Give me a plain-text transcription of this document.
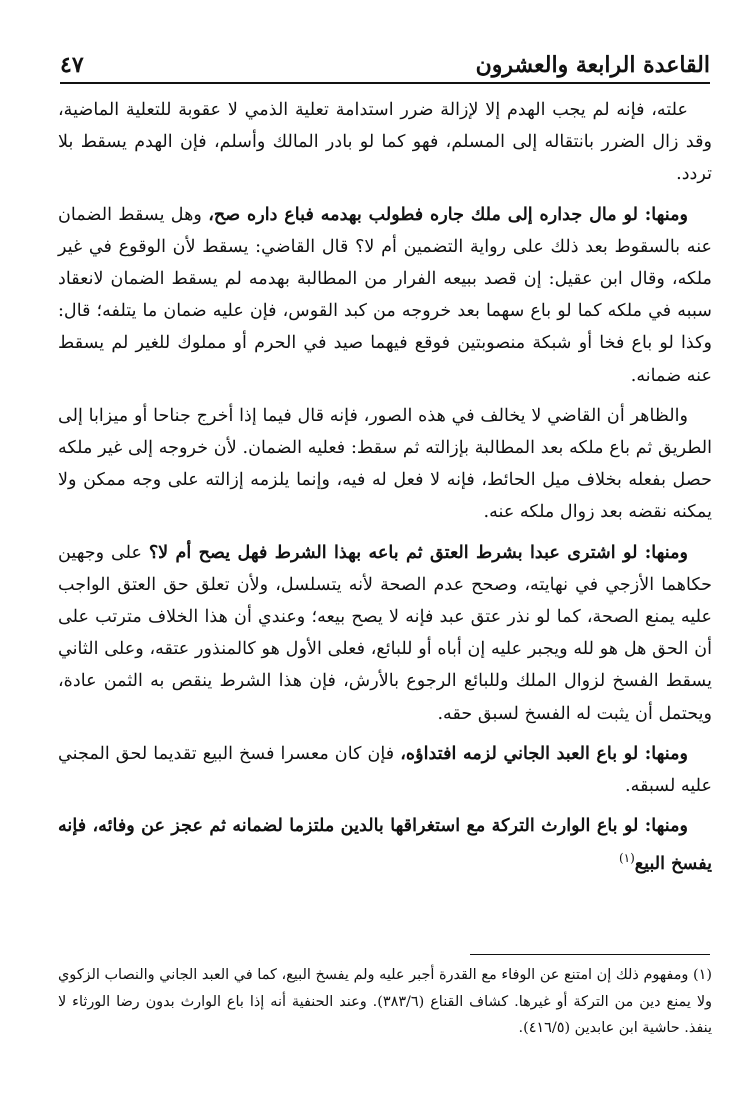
القاعدة الرابعة والعشرون
٤٧

علته، فإنه لم يجب الهدم إلا لإزالة ضرر استدامة تعلية الذمي لا عقوبة للتعلية الماضية، وقد زال الضرر بانتقاله إلى المسلم، فهو كما لو بادر المالك وأسلم، فإن الهدم يسقط بلا تردد.

ومنها: لو مال جداره إلى ملك جاره فطولب بهدمه فباع داره صح، وهل يسقط الضمان عنه بالسقوط بعد ذلك على رواية التضمين أم لا؟ قال القاضي: يسقط لأن الوقوع في غير ملكه، وقال ابن عقيل: إن قصد ببيعه الفرار من المطالبة بهدمه لم يسقط الضمان لانعقاد سببه في ملكه كما لو باع سهما بعد خروجه من كبد القوس، فإن عليه ضمان ما يتلفه؛ قال: وكذا لو باع فخا أو شبكة منصوبتين فوقع فيهما صيد في الحرم أو مملوك للغير لم يسقط عنه ضمانه.

والظاهر أن القاضي لا يخالف في هذه الصور، فإنه قال فيما إذا أخرج جناحا أو ميزابا إلى الطريق ثم باع ملكه بعد المطالبة بإزالته ثم سقط: فعليه الضمان. لأن خروجه إلى غير ملكه حصل بفعله بخلاف ميل الحائط، فإنه لا فعل له فيه، وإنما يلزمه إزالته على وجه ممكن ولا يمكنه نقضه بعد زوال ملكه عنه.

ومنها: لو اشترى عبدا بشرط العتق ثم باعه بهذا الشرط فهل يصح أم لا؟ على وجهين حكاهما الأزجي في نهايته، وصحح عدم الصحة لأنه يتسلسل، ولأن تعلق حق العتق الواجب عليه يمنع الصحة، كما لو نذر عتق عبد فإنه لا يصح بيعه؛ وعندي أن هذا الخلاف مترتب على أن الحق هل هو لله ويجبر عليه إن أباه أو للبائع، فعلى الأول هو كالمنذور عتقه، وعلى الثاني يسقط الفسخ لزوال الملك وللبائع الرجوع بالأرش، فإن هذا الشرط ينقص به الثمن عادة، ويحتمل أن يثبت له الفسخ لسبق حقه.

ومنها: لو باع العبد الجاني لزمه افتداؤه، فإن كان معسرا فسخ البيع تقديما لحق المجني عليه لسبقه.

ومنها: لو باع الوارث التركة مع استغراقها بالدين ملتزما لضمانه ثم عجز عن وفائه، فإنه يفسخ البيع$^{(١)}$

(١) ومفهوم ذلك إن امتنع عن الوفاء مع القدرة أجبر عليه ولم يفسخ البيع، كما في العبد الجاني والنصاب الزكوي ولا يمنع دين من التركة أو غيرها. كشاف القناع (٣٨٣/٦). وعند الحنفية أنه إذا باع الوارث بدون رضا الورثاء لا ينفذ. حاشية ابن عابدين (٤١٦/٥).
